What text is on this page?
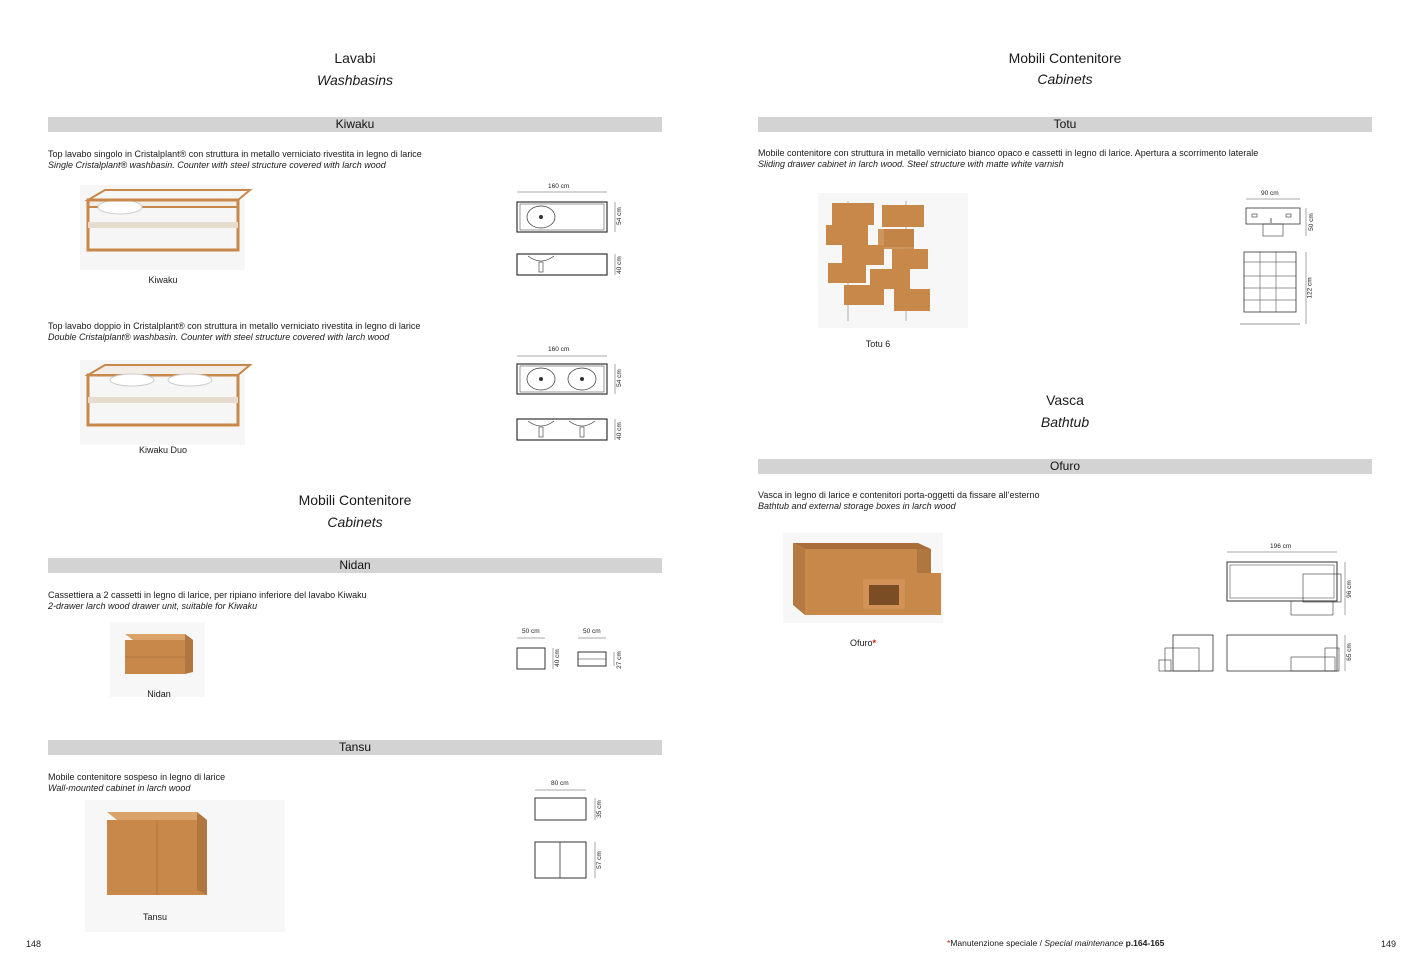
Lavabi
Washbasins
Kiwaku
Top lavabo singolo in Cristalplant® con struttura in metallo verniciato rivestita in legno di larice
Single Cristalplant® washbasin. Counter with steel structure covered with larch wood
Kiwaku
160 cm
54 cm
40 cm
Top lavabo doppio in Cristalplant® con struttura in metallo verniciato rivestita in legno di larice
Double Cristalplant® washbasin. Counter with steel structure covered with larch wood
Kiwaku Duo
160 cm
54 cm
40 cm
Mobili Contenitore
Cabinets
Nidan
Cassettiera a 2 cassetti in legno di larice, per ripiano inferiore del lavabo Kiwaku
2-drawer larch wood drawer unit, suitable for Kiwaku
Nidan
50 cm
40 cm
50 cm
27 cm
Tansu
Mobile contenitore sospeso in legno di larice
Wall-mounted cabinet in larch wood
Tansu
80 cm
35 cm
57 cm
148
Mobili Contenitore
Cabinets
Totu
Mobile contenitore con struttura in metallo verniciato bianco opaco e cassetti in legno di larice. Apertura a scorrimento laterale
Sliding drawer cabinet in larch wood. Steel structure with matte white varnish
Totu 6
90 cm
50 cm
122 cm
Vasca
Bathtub
Ofuro
Vasca in legno di larice e contenitori porta-oggetti da fissare all’esterno
Bathtub and external storage boxes in larch wood
Ofuro*
196 cm
96 cm
65 cm
*Manutenzione speciale / Special maintenance p.164-165	149
